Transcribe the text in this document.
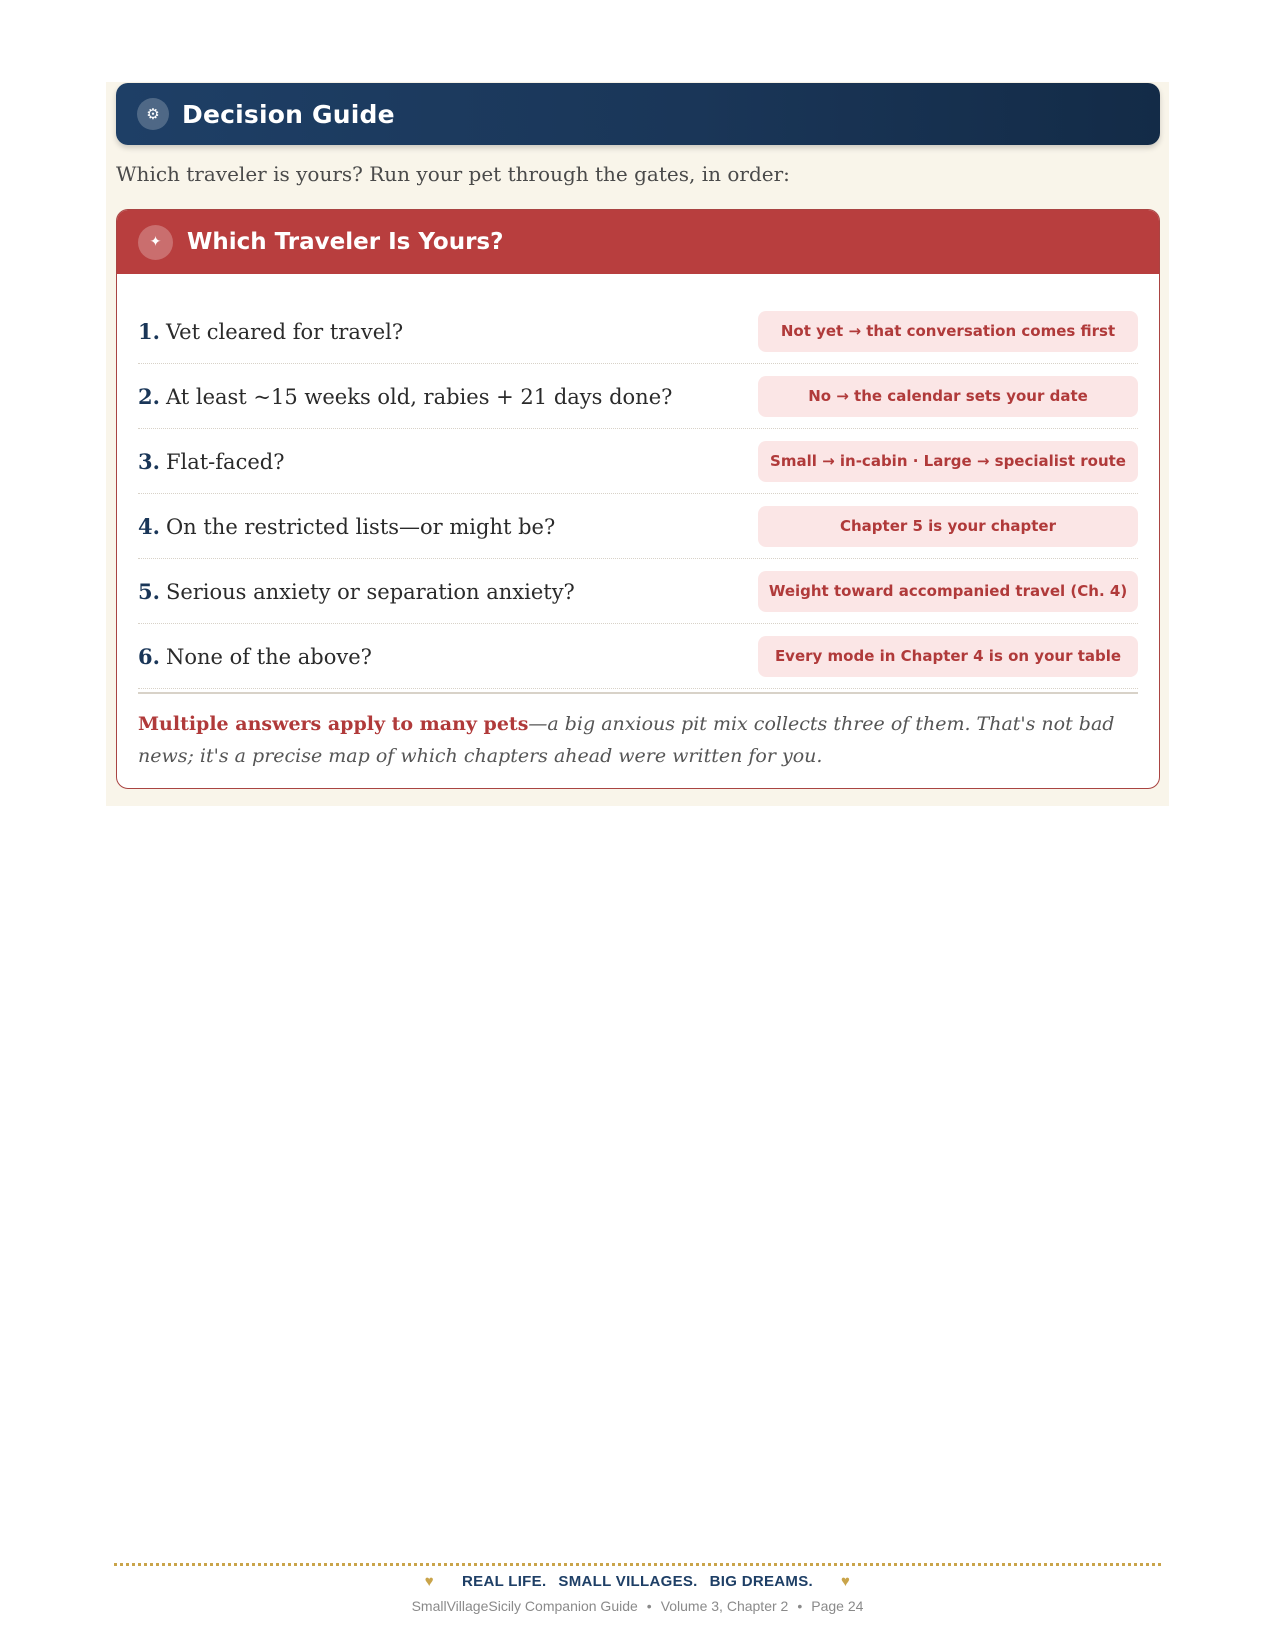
⚙ Decision Guide

Which traveler is yours? Run your pet through the gates, in order:

✦	Which Traveler Is Yours?
1. Vet cleared for travel?	Not yet → that conversation comes first
2. At least ~15 weeks old, rabies + 21 days done?	No → the calendar sets your date
3. Flat-faced?	Small → in-cabin · Large → specialist route
4. On the restricted lists—or might be?	Chapter 5 is your chapter
5. Serious anxiety or separation anxiety?	Weight toward accompanied travel (Ch. 4)
6. None of the above?	Every mode in Chapter 4 is on your table

Multiple answers apply to many pets—a big anxious pit mix collects three of them. That's not bad news; it's a precise map of which chapters ahead were written for you.

♥ REAL LIFE. SMALL VILLAGES. BIG DREAMS. ♥
SmallVillageSicily Companion Guide • Volume 3, Chapter 2 • Page 24
